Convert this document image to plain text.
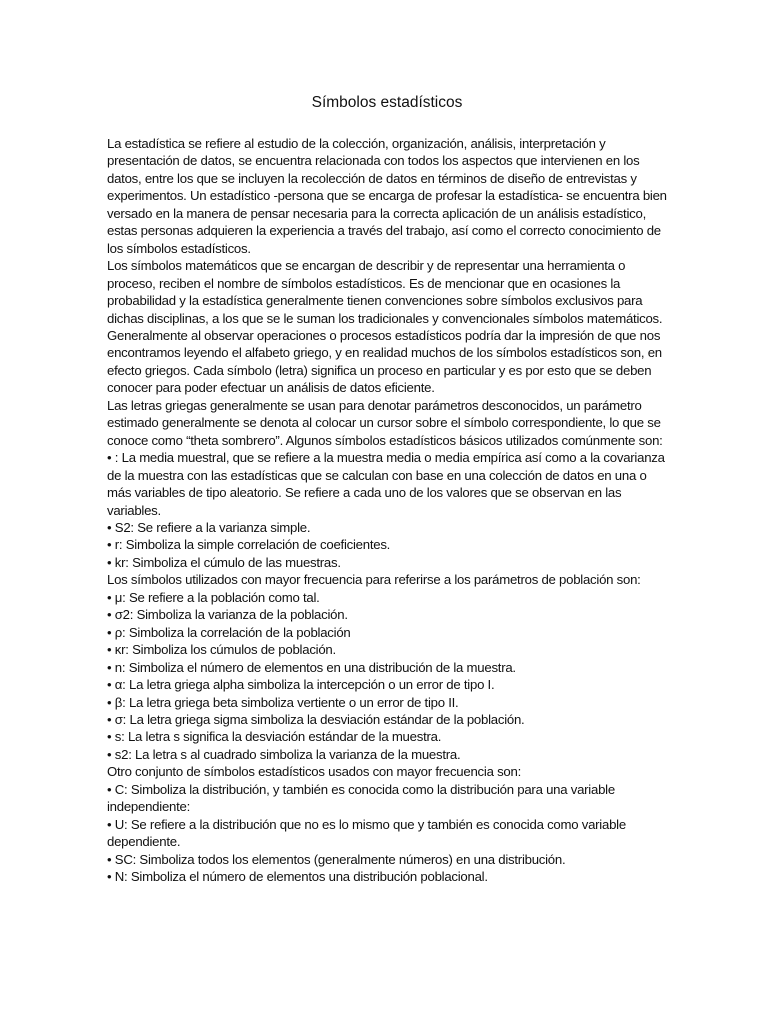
Símbolos estadísticos

La estadística se refiere al estudio de la colección, organización, análisis, interpretación y presentación de datos, se encuentra relacionada con todos los aspectos que intervienen en los datos, entre los que se incluyen la recolección de datos en términos de diseño de entrevistas y experimentos. Un estadístico -persona que se encarga de profesar la estadística- se encuentra bien versado en la manera de pensar necesaria para la correcta aplicación de un análisis estadístico, estas personas adquieren la experiencia a través del trabajo, así como el correcto conocimiento de los símbolos estadísticos.

Los símbolos matemáticos que se encargan de describir y de representar una herramienta o proceso, reciben el nombre de símbolos estadísticos. Es de mencionar que en ocasiones la probabilidad y la estadística generalmente tienen convenciones sobre símbolos exclusivos para dichas disciplinas, a los que se le suman los tradicionales y convencionales símbolos matemáticos. Generalmente al observar operaciones o procesos estadísticos podría dar la impresión de que nos encontramos leyendo el alfabeto griego, y en realidad muchos de los símbolos estadísticos son, en efecto griegos. Cada símbolo (letra) significa un proceso en particular y es por esto que se deben conocer para poder efectuar un análisis de datos eficiente.

Las letras griegas generalmente se usan para denotar parámetros desconocidos, un parámetro estimado generalmente se denota al colocar un cursor sobre el símbolo correspondiente, lo que se conoce como “theta sombrero”. Algunos símbolos estadísticos básicos utilizados comúnmente son:

• : La media muestral, que se refiere a la muestra media o media empírica así como a la covarianza de la muestra con las estadísticas que se calculan con base en una colección de datos en una o más variables de tipo aleatorio. Se refiere a cada uno de los valores que se observan en las variables.

• S2: Se refiere a la varianza simple.

• r: Simboliza la simple correlación de coeficientes.

• kr: Simboliza el cúmulo de las muestras.

Los símbolos utilizados con mayor frecuencia para referirse a los parámetros de población son:

• μ: Se refiere a la población como tal.

• σ2: Simboliza la varianza de la población.

• ρ: Simboliza la correlación de la población

• κr: Simboliza los cúmulos de población.

• n: Simboliza el número de elementos en una distribución de la muestra.

• α: La letra griega alpha simboliza la intercepción o un error de tipo I.

• β: La letra griega beta simboliza vertiente o un error de tipo II.

• σ: La letra griega sigma simboliza la desviación estándar de la población.

• s: La letra s significa la desviación estándar de la muestra.

• s2: La letra s al cuadrado simboliza la varianza de la muestra.

Otro conjunto de símbolos estadísticos usados con mayor frecuencia son:

• C: Simboliza la distribución, y también es conocida como la distribución para una variable independiente:

• U: Se refiere a la distribución que no es lo mismo que y también es conocida como variable dependiente.

• SC: Simboliza todos los elementos (generalmente números) en una distribución.

• N: Simboliza el número de elementos una distribución poblacional.
